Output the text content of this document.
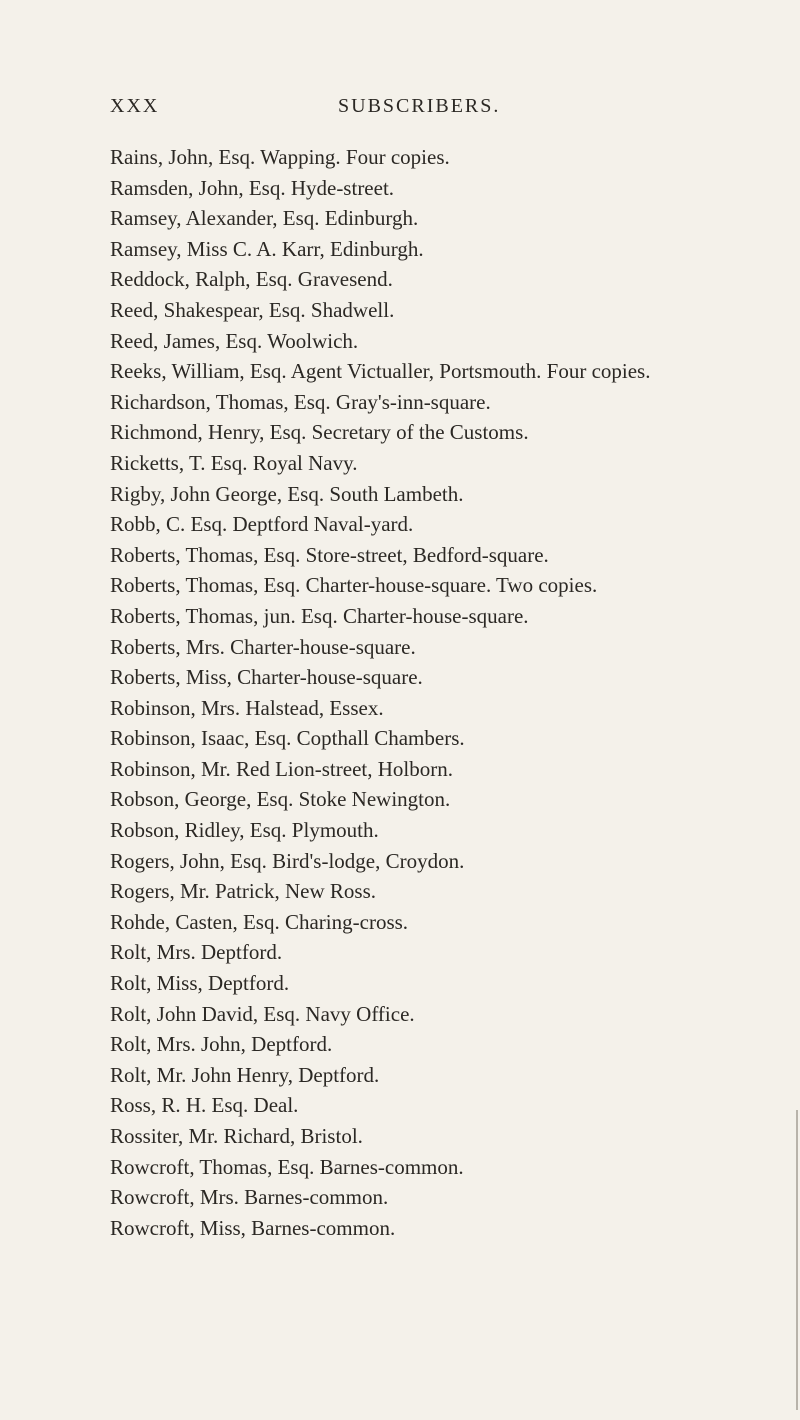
XXX	SUBSCRIBERS.
Rains, John, Esq. Wapping. Four copies.
Ramsden, John, Esq. Hyde-street.
Ramsey, Alexander, Esq. Edinburgh.
Ramsey, Miss C. A. Karr, Edinburgh.
Reddock, Ralph, Esq. Gravesend.
Reed, Shakespear, Esq. Shadwell.
Reed, James, Esq. Woolwich.
Reeks, William, Esq. Agent Victualler, Portsmouth. Four copies.
Richardson, Thomas, Esq. Gray's-inn-square.
Richmond, Henry, Esq. Secretary of the Customs.
Ricketts, T. Esq. Royal Navy.
Rigby, John George, Esq. South Lambeth.
Robb, C. Esq. Deptford Naval-yard.
Roberts, Thomas, Esq. Store-street, Bedford-square.
Roberts, Thomas, Esq. Charter-house-square. Two copies.
Roberts, Thomas, jun. Esq. Charter-house-square.
Roberts, Mrs. Charter-house-square.
Roberts, Miss, Charter-house-square.
Robinson, Mrs. Halstead, Essex.
Robinson, Isaac, Esq. Copthall Chambers.
Robinson, Mr. Red Lion-street, Holborn.
Robson, George, Esq. Stoke Newington.
Robson, Ridley, Esq. Plymouth.
Rogers, John, Esq. Bird's-lodge, Croydon.
Rogers, Mr. Patrick, New Ross.
Rohde, Casten, Esq. Charing-cross.
Rolt, Mrs. Deptford.
Rolt, Miss, Deptford.
Rolt, John David, Esq. Navy Office.
Rolt, Mrs. John, Deptford.
Rolt, Mr. John Henry, Deptford.
Ross, R. H. Esq. Deal.
Rossiter, Mr. Richard, Bristol.
Rowcroft, Thomas, Esq. Barnes-common.
Rowcroft, Mrs. Barnes-common.
Rowcroft, Miss, Barnes-common.
